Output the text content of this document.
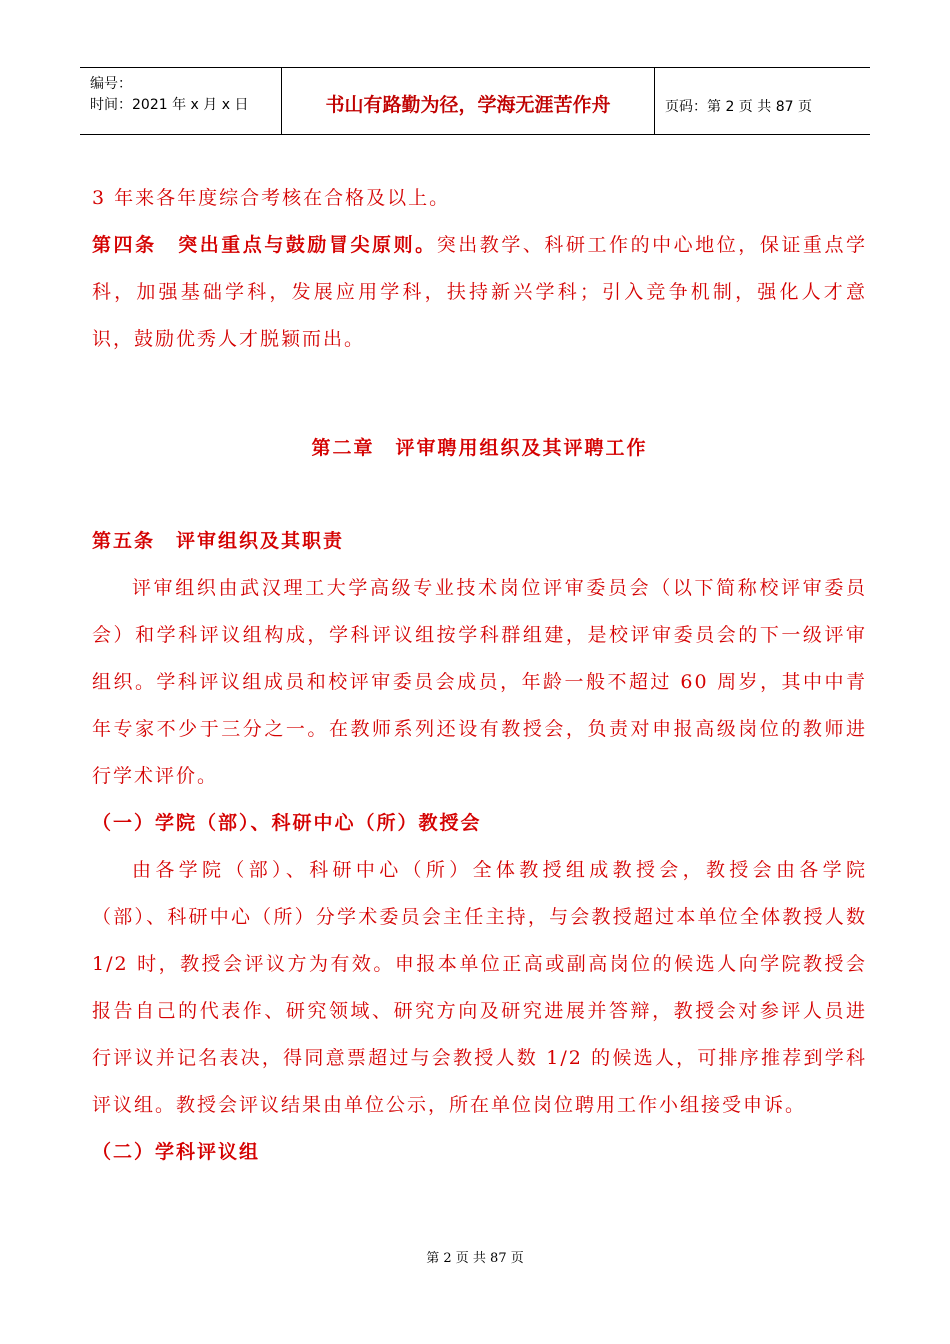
编号：
时间：2021 年 x 月 x 日	书山有路勤为径，学海无涯苦作舟	页码：第 2 页 共 87 页

3 年来各年度综合考核在合格及以上。

第四条　突出重点与鼓励冒尖原则。突出教学、科研工作的中心地位，保证重点学科，加强基础学科，发展应用学科，扶持新兴学科；引入竞争机制，强化人才意识，鼓励优秀人才脱颖而出。

第二章　评审聘用组织及其评聘工作
第五条　评审组织及其职责

评审组织由武汉理工大学高级专业技术岗位评审委员会（以下简称校评审委员会）和学科评议组构成，学科评议组按学科群组建，是校评审委员会的下一级评审组织。学科评议组成员和校评审委员会成员，年龄一般不超过 60 周岁，其中中青年专家不少于三分之一。在教师系列还设有教授会，负责对申报高级岗位的教师进行学术评价。

（一）学院（部）、科研中心（所）教授会

由各学院（部）、科研中心（所）全体教授组成教授会，教授会由各学院（部）、科研中心（所）分学术委员会主任主持，与会教授超过本单位全体教授人数 1/2 时，教授会评议方为有效。申报本单位正高或副高岗位的候选人向学院教授会报告自己的代表作、研究领域、研究方向及研究进展并答辩，教授会对参评人员进行评议并记名表决，得同意票超过与会教授人数 1/2 的候选人，可排序推荐到学科评议组。教授会评议结果由单位公示，所在单位岗位聘用工作小组接受申诉。

（二）学科评议组
第 2 页 共 87 页
